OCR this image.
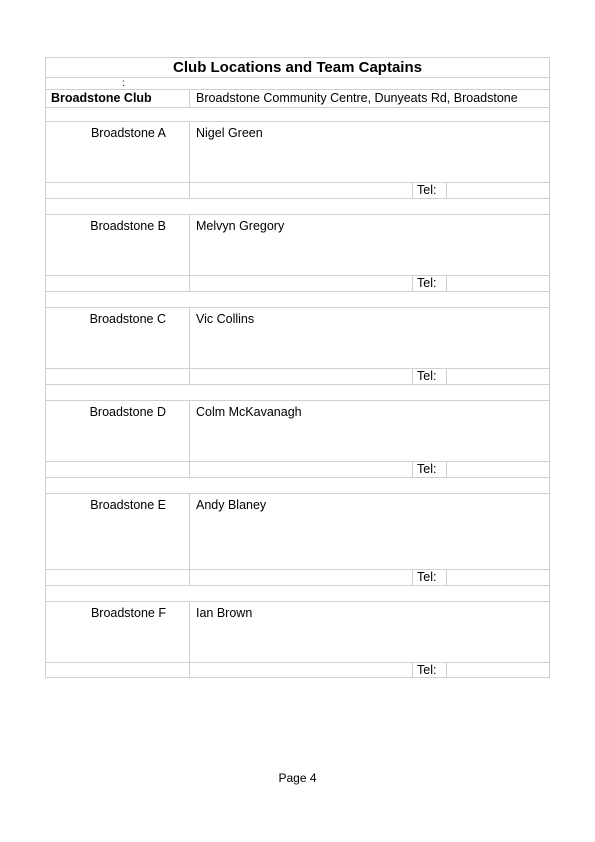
Club Locations and Team Captains
:
Broadstone Club	Broadstone Community Centre, Dunyeats Rd, Broadstone
Broadstone A	Nigel Green
Tel:
Broadstone B	Melvyn Gregory
Tel:
Broadstone C	Vic Collins
Tel:
Broadstone D	Colm McKavanagh
Tel:
Broadstone E	Andy Blaney
Tel:
Broadstone F	Ian Brown
Tel:
Page 4
